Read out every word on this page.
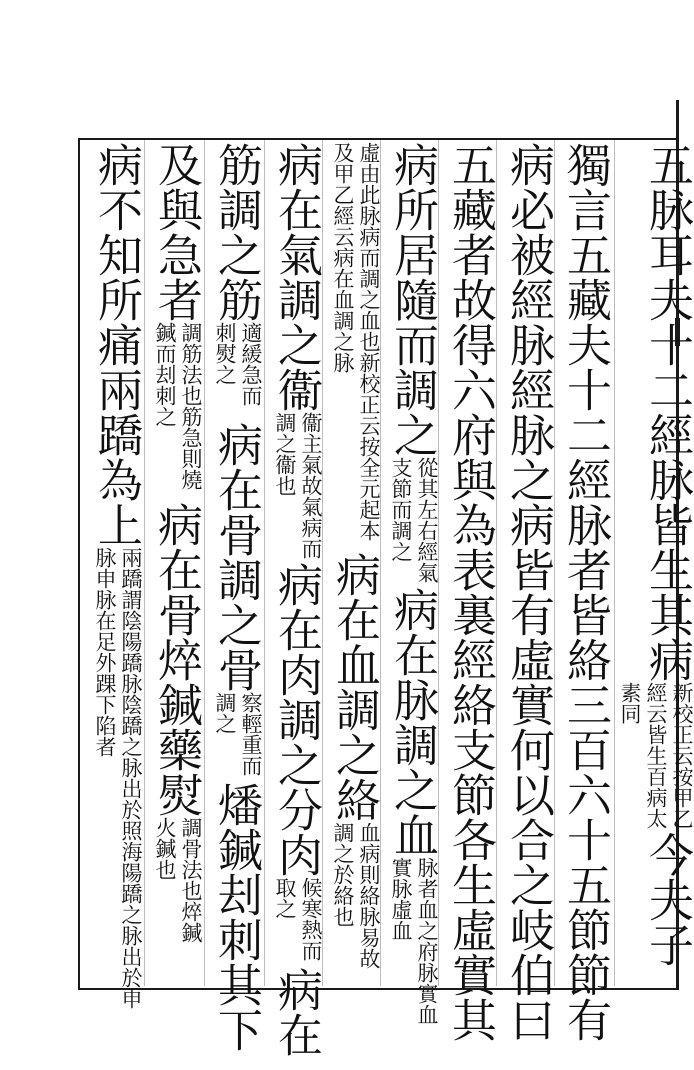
五脉耳夫十二經脉皆生其病新校正云按甲乙經云皆生百病太素同今夫子
獨言五藏夫十二經脉者皆絡三百六十五節節有
病必被經脉經脉之病皆有虛實何以合之岐伯曰
五藏者故得六府與為表裏經絡支節各生虛實其
病所居隨而調之從其左右經氣支節而調之病在脉調之血脉者血之府脉實血實脉虛血
虛由此脉病而調之血也新校正云按全元起本及甲乙經云病在血調之脉病在血調之絡血病則絡脉易故調之於絡也
病在氣調之衞衞主氣故氣病而調之衞也病在肉調之分肉候寒熱而取之病在
筋調之筋適緩急而刺熨之病在骨調之骨察輕重而調之燔鍼刦刺其下
及與急者調筋法也筋急則燒鍼而刦刺之病在骨焠鍼藥熨調骨法也焠鍼火鍼也
病不知所痛兩蹻為上兩蹻謂陰陽蹻脉陰蹻之脉出於照海陽蹻之脉出於申脉申脉在足外踝下陷者
